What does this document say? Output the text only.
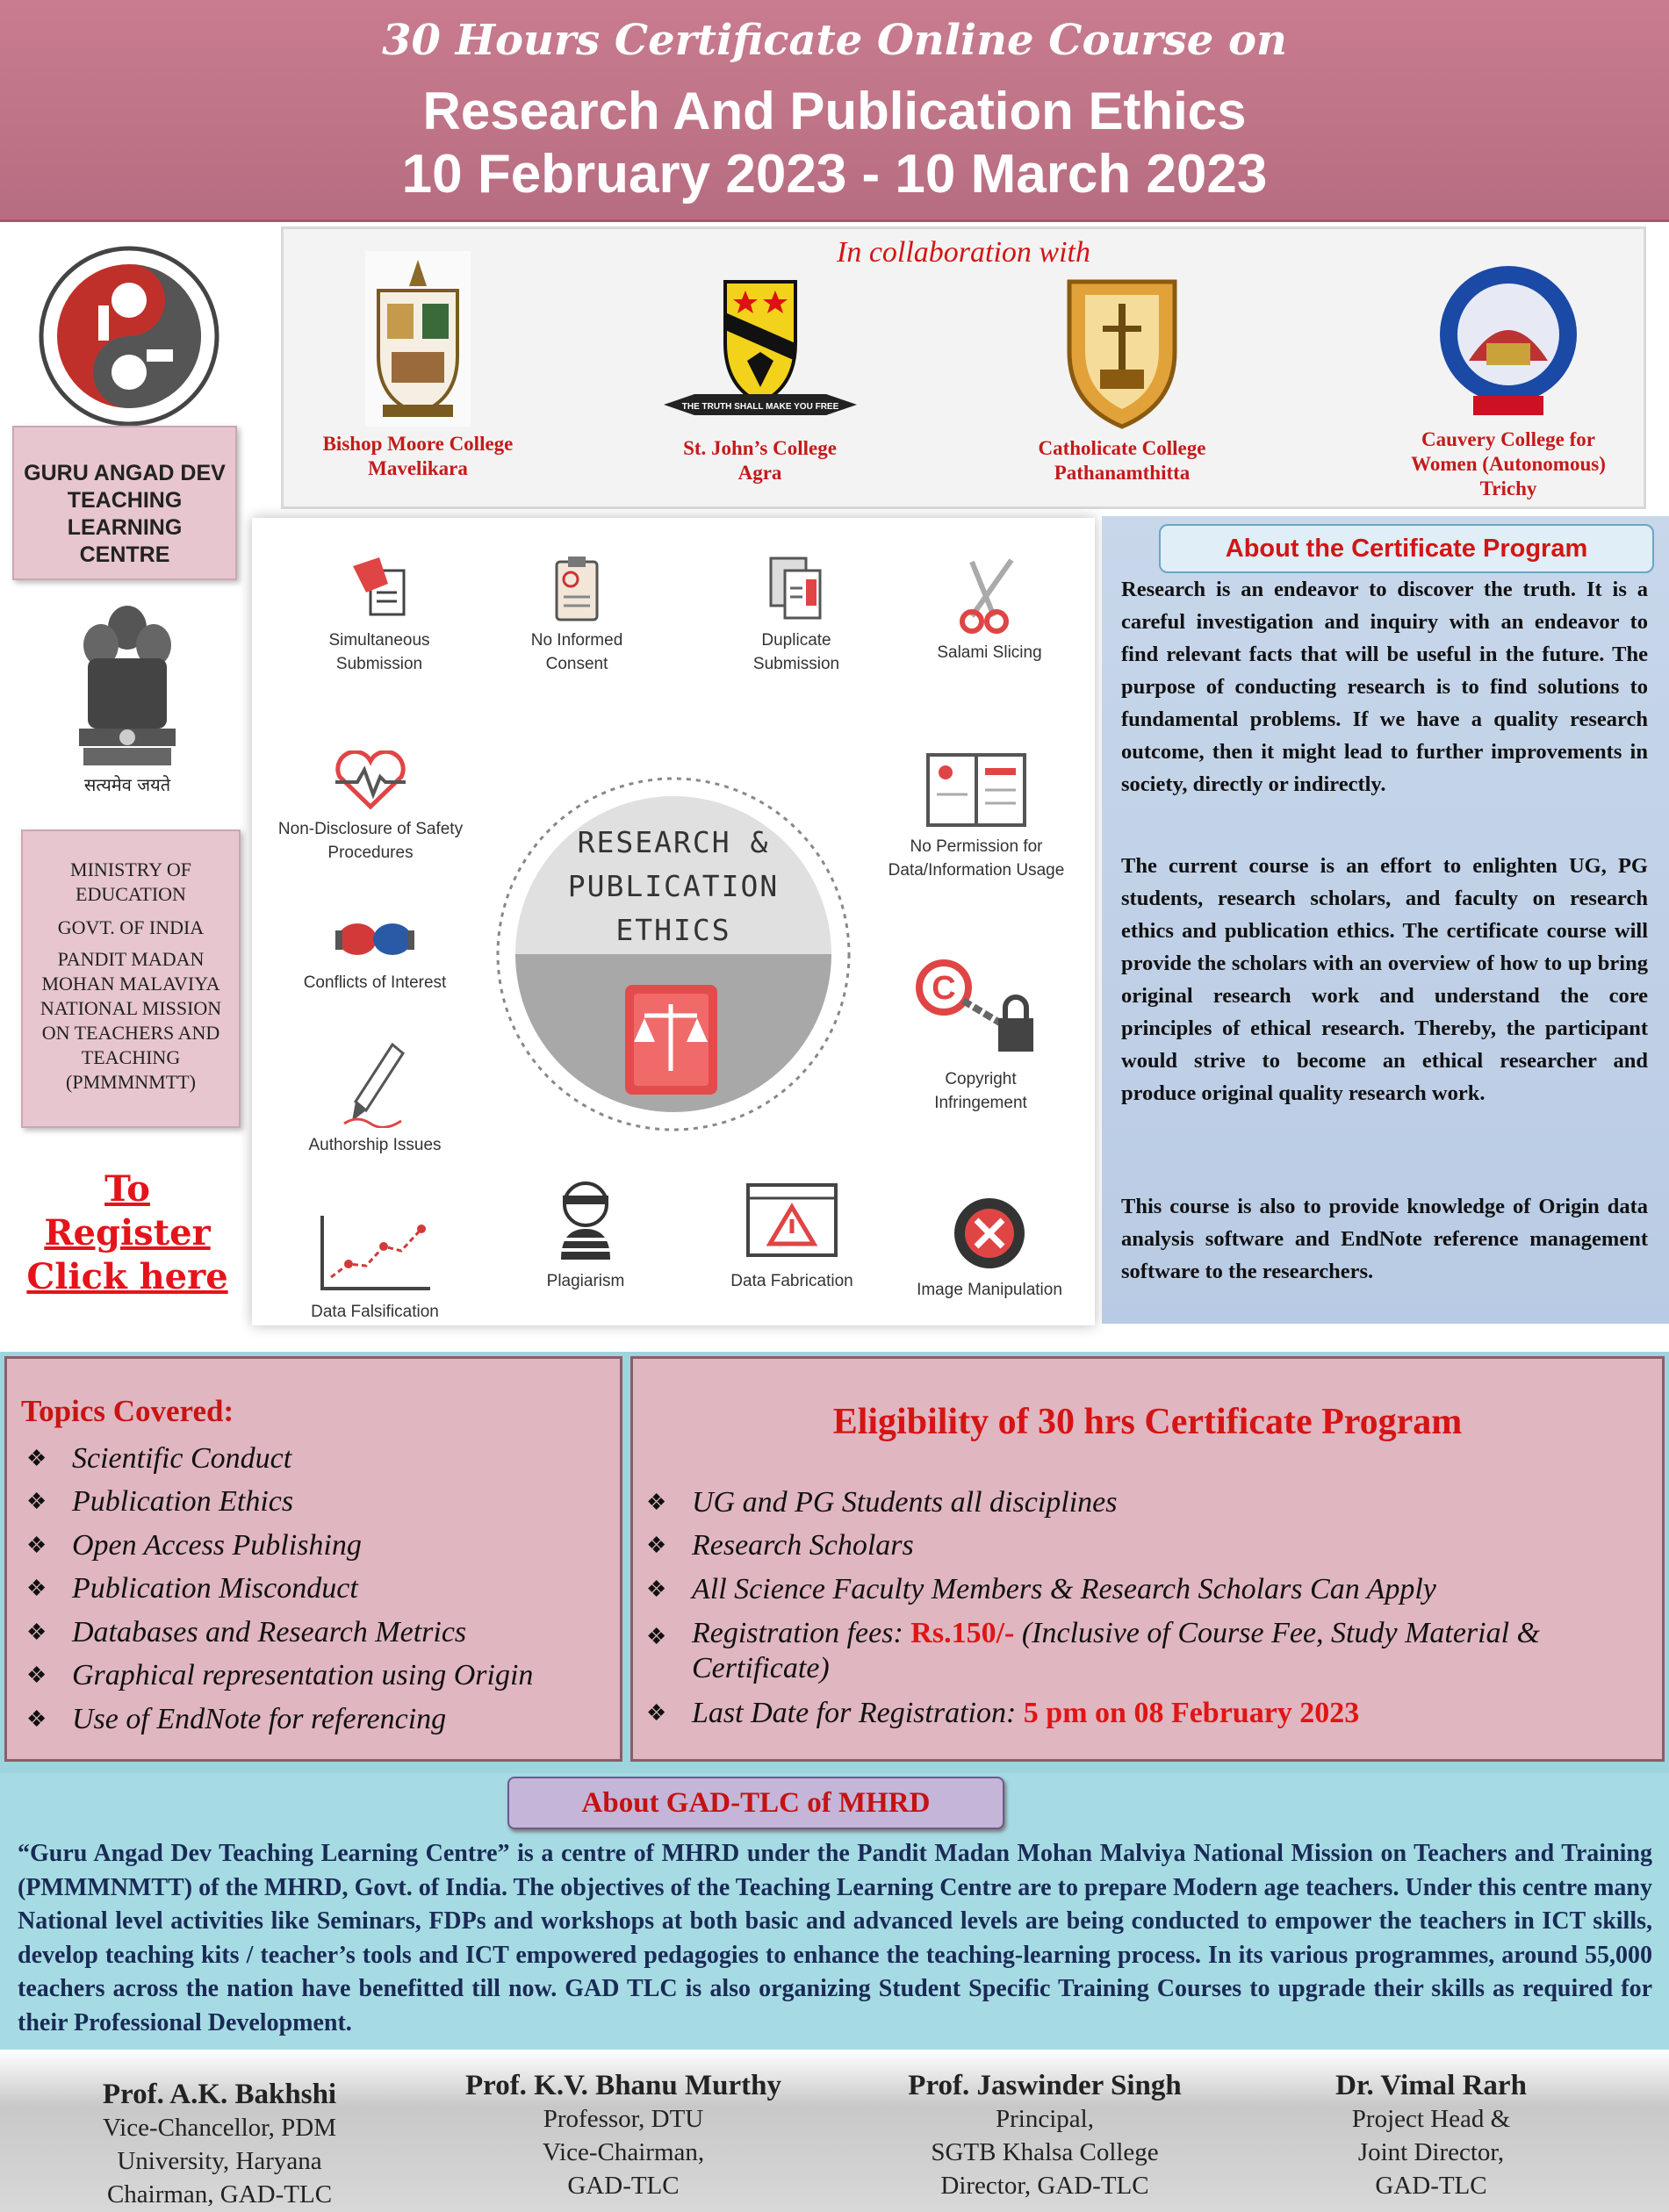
30 Hours Certificate Online Course on
Research And Publication Ethics
10 February 2023 - 10 March 2023
GURU ANGAD DEV
TEACHING
LEARNING
CENTRE
सत्यमेव जयते
MINISTRY OF
EDUCATION
GOVT. OF INDIA
PANDIT MADAN
MOHAN MALAVIYA
NATIONAL MISSION
ON TEACHERS AND
TEACHING
(PMMMNMTT)
To Register
Click here
In collaboration with
Bishop Moore College
Mavelikara
THE TRUTH SHALL MAKE YOU FREE
St. John’s College
Agra
Catholicate College
Pathanamthitta
Cauvery College for
Women (Autonomous)
Trichy
RESEARCH &
PUBLICATION
ETHICS
Simultaneous
Submission
No Informed
Consent
Duplicate
Submission
Salami Slicing
Non-Disclosure of Safety
Procedures	No Permission for
Data/Information Usage
Conflicts of Interest	C
Copyright
Infringement
Authorship Issues
Data Falsification
Plagiarism	Data Fabrication	Image Manipulation
About the Certificate Program
Research is an endeavor to discover the truth. It is a careful investigation and inquiry with an endeavor to find relevant facts that will be useful in the future. The purpose of conducting research is to find solutions to fundamental problems. If we have a quality research outcome, then it might lead to further improvements in society, directly or indirectly.
The current course is an effort to enlighten UG, PG students, research scholars, and faculty on research ethics and publication ethics. The certificate course will provide the scholars with an overview of how to up bring original research work and understand the core principles of ethical research. Thereby, the participant would strive to become an ethical researcher and produce original quality research work.
This course is also to provide knowledge of Origin data analysis software and EndNote reference management software to the researchers.
Topics Covered:
❖ Scientific Conduct
❖ Publication Ethics
❖ Open Access Publishing
❖ Publication Misconduct
❖ Databases and Research Metrics
❖ Graphical representation using Origin
❖ Use of EndNote for referencing
Eligibility of 30 hrs Certificate Program
❖ UG and PG Students all disciplines
❖ Research Scholars
❖ All Science Faculty Members & Research Scholars Can Apply
❖ Registration fees: Rs.150/- (Inclusive of Course Fee, Study Material &
Certificate)
❖ Last Date for Registration: 5 pm on 08 February 2023
About GAD-TLC of MHRD
“Guru Angad Dev Teaching Learning Centre” is a centre of MHRD under the Pandit Madan Mohan Malviya National Mission on Teachers and Training (PMMMNMTT) of the MHRD, Govt. of India. The objectives of the Teaching Learning Centre are to prepare Modern age teachers. Under this centre many National level activities like Seminars, FDPs and workshops at both basic and advanced levels are being conducted to empower the teachers in ICT skills, develop teaching kits / teacher’s tools and ICT empowered pedagogies to enhance the teaching-learning process. In its various programmes, around 55,000 teachers across the nation have benefitted till now. GAD TLC is also organizing Student Specific Training Courses to upgrade their skills as required for their Professional Development.
Prof. A.K. Bakhshi
Vice-Chancellor, PDM
University, Haryana
Chairman, GAD-TLC
Prof. K.V. Bhanu Murthy
Professor, DTU
Vice-Chairman,
GAD-TLC
Prof. Jaswinder Singh
Principal,
SGTB Khalsa College
Director, GAD-TLC
Dr. Vimal Rarh
Project Head &
Joint Director,
GAD-TLC
